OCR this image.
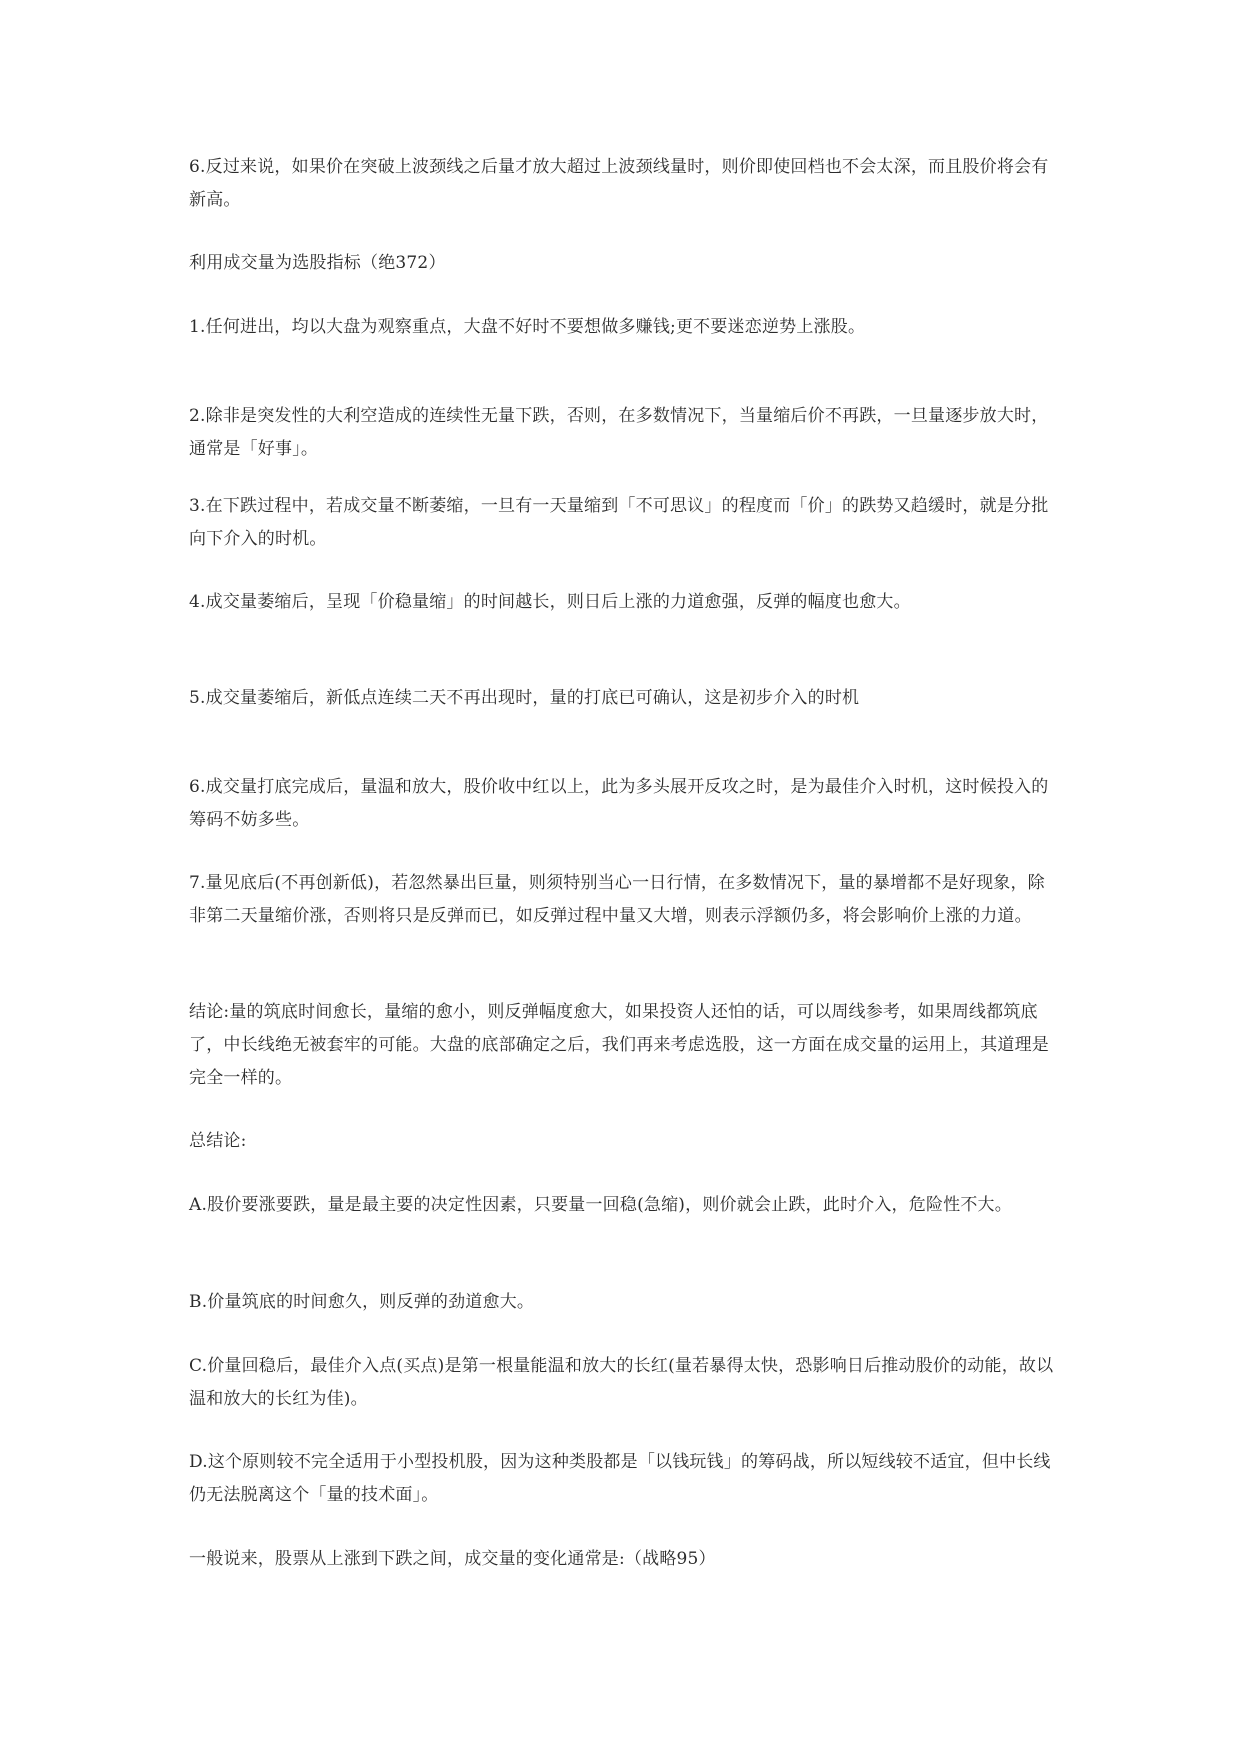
6.反过来说，如果价在突破上波颈线之后量才放大超过上波颈线量时，则价即使回档也不会太深，而且股价将会有新高。

利用成交量为选股指标（绝372）

1.任何进出，均以大盘为观察重点，大盘不好时不要想做多赚钱;更不要迷恋逆势上涨股。

2.除非是突发性的大利空造成的连续性无量下跌，否则，在多数情况下，当量缩后价不再跌，一旦量逐步放大时，通常是「好事」。

3.在下跌过程中，若成交量不断萎缩，一旦有一天量缩到「不可思议」的程度而「价」的跌势又趋缓时，就是分批向下介入的时机。

4.成交量萎缩后，呈现「价稳量缩」的时间越长，则日后上涨的力道愈强，反弹的幅度也愈大。

5.成交量萎缩后，新低点连续二天不再出现时，量的打底已可确认，这是初步介入的时机

6.成交量打底完成后，量温和放大，股价收中红以上，此为多头展开反攻之时，是为最佳介入时机，这时候投入的筹码不妨多些。

7.量见底后(不再创新低)，若忽然暴出巨量，则须特别当心一日行情，在多数情况下，量的暴增都不是好现象，除非第二天量缩价涨，否则将只是反弹而已，如反弹过程中量又大增，则表示浮额仍多，将会影响价上涨的力道。

结论:量的筑底时间愈长，量缩的愈小，则反弹幅度愈大，如果投资人还怕的话，可以周线参考，如果周线都筑底了，中长线绝无被套牢的可能。大盘的底部确定之后，我们再来考虑选股，这一方面在成交量的运用上，其道理是完全一样的。

总结论:

A.股价要涨要跌，量是最主要的决定性因素，只要量一回稳(急缩)，则价就会止跌，此时介入，危险性不大。

B.价量筑底的时间愈久，则反弹的劲道愈大。

C.价量回稳后，最佳介入点(买点)是第一根量能温和放大的长红(量若暴得太快，恐影响日后推动股价的动能，故以温和放大的长红为佳)。

D.这个原则较不完全适用于小型投机股，因为这种类股都是「以钱玩钱」的筹码战，所以短线较不适宜，但中长线仍无法脱离这个「量的技术面」。

一般说来，股票从上涨到下跌之间，成交量的变化通常是:（战略95）
